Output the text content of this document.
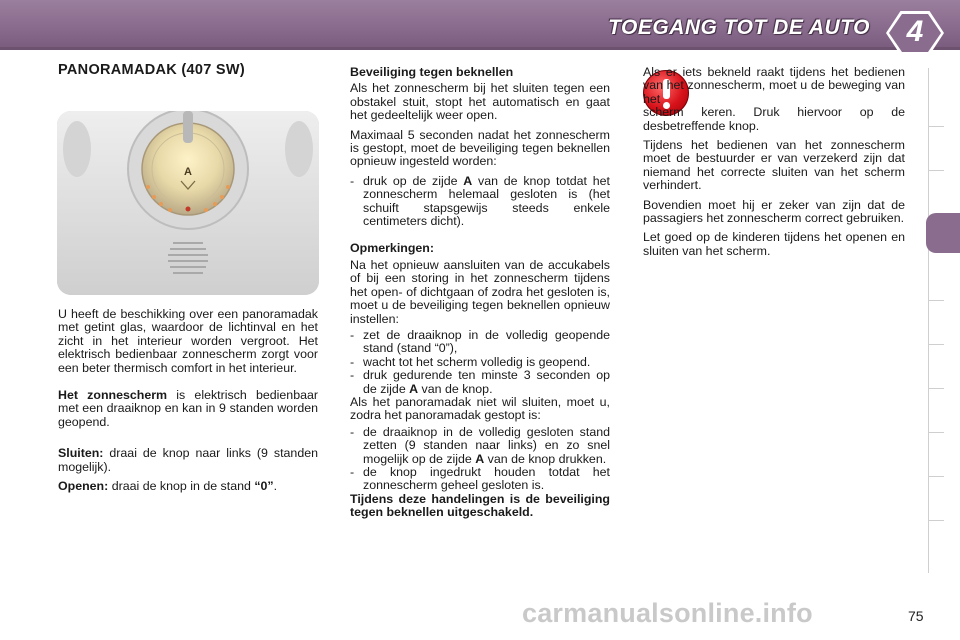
TOEGANG TOT DE AUTO	4

PANORAMADAK (407 SW)

A

U heeft de beschikking over een panoramadak met getint glas, waardoor de lichtinval en het zicht in het interieur worden vergroot. Het elektrisch bedienbaar zonnescherm zorgt voor een beter thermisch comfort in het interieur.

Het zonnescherm is elektrisch bedienbaar met een draaiknop en kan in 9 standen worden geopend.

Sluiten: draai de knop naar links (9 standen mogelijk).

Openen: draai de knop in de stand “0”.

Beveiliging tegen beknellen

Als het zonnescherm bij het sluiten tegen een obstakel stuit, stopt het automatisch en gaat het gedeeltelijk weer open.

Maximaal 5 seconden nadat het zonnescherm is gestopt, moet de beveiliging tegen beknellen opnieuw ingesteld worden:

- druk op de zijde A van de knop totdat het zonnescherm helemaal gesloten is (het schuift stapsgewijs steeds enkele centimeters dicht).

Opmerkingen:

Na het opnieuw aansluiten van de accukabels of bij een storing in het zonnescherm tijdens het open- of dichtgaan of zodra het gesloten is, moet u de beveiliging tegen beknellen opnieuw instellen:

- zet de draaiknop in de volledig geopende stand (stand “0”),

- wacht tot het scherm volledig is geopend.

- druk gedurende ten minste 3 seconden op de zijde A van de knop.

Als het panoramadak niet wil sluiten, moet u, zodra het panoramadak gestopt is:

- de draaiknop in de volledig gesloten stand zetten (9 standen naar links) en zo snel mogelijk op de zijde A van de knop drukken.

- de knop ingedrukt houden totdat het zonnescherm geheel gesloten is.

Tijdens deze handelingen is de beveiliging tegen beknellen uitgeschakeld.

Als er iets bekneld raakt tijdens het bedienen van het zonnescherm, moet u de beweging van het

scherm keren. Druk hiervoor op de desbetreffende knop.

Tijdens het bedienen van het zonnescherm moet de bestuurder er van verzekerd zijn dat niemand het correcte sluiten van het scherm verhindert.

Bovendien moet hij er zeker van zijn dat de passagiers het zonnescherm correct gebruiken.

Let goed op de kinderen tijdens het openen en sluiten van het scherm.

carmanualsonline.info	75
